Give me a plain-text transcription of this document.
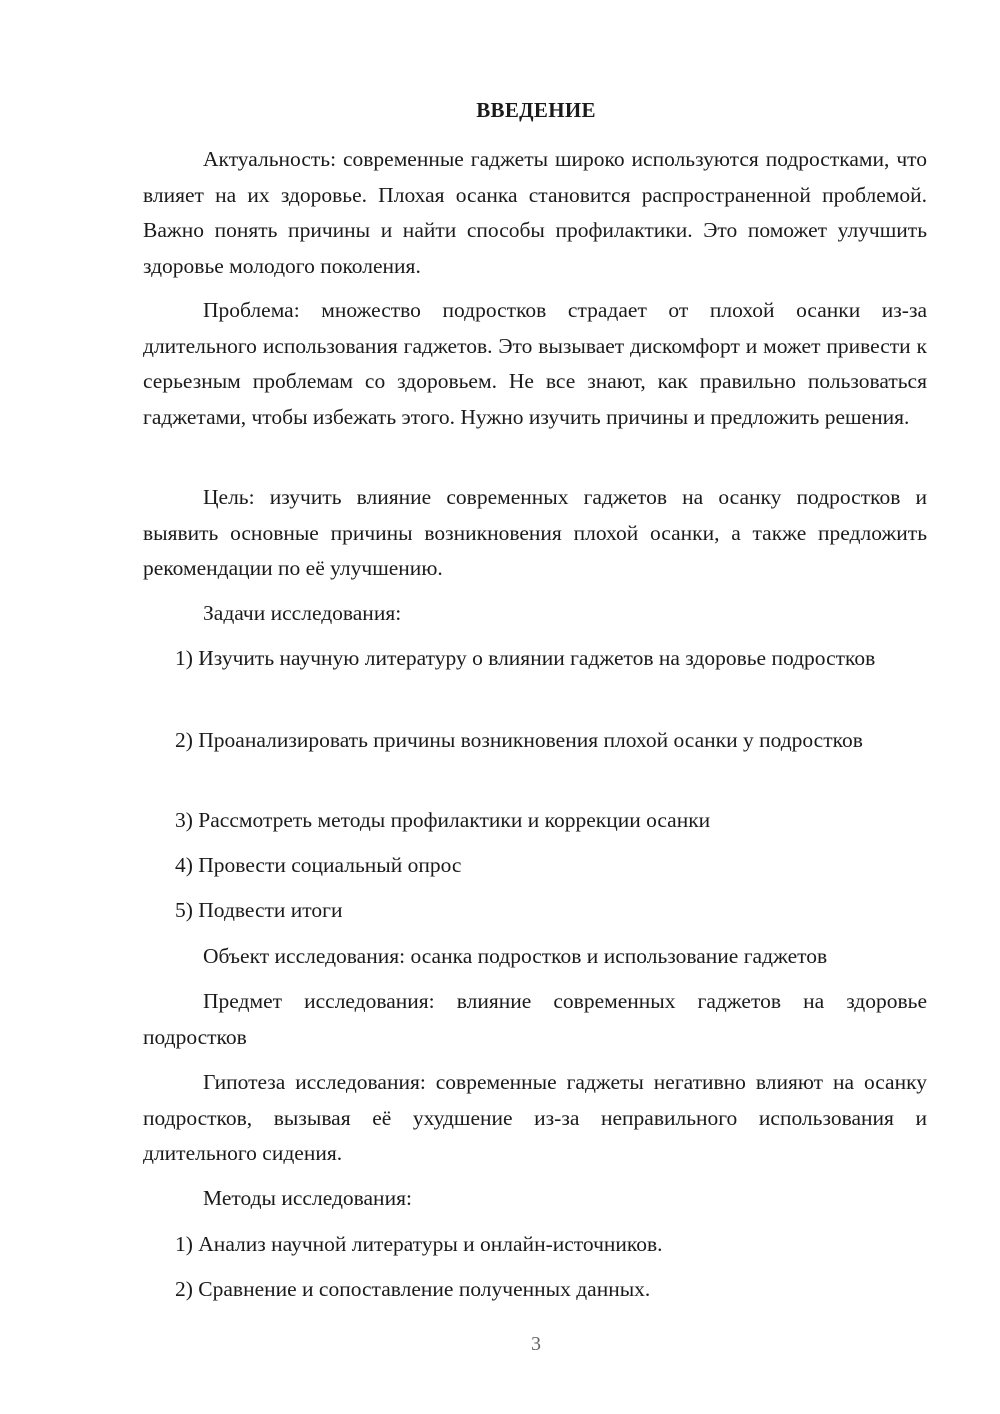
ВВЕДЕНИЕ
Актуальность: современные гаджеты широко используются подростками, что влияет на их здоровье. Плохая осанка становится распространенной проблемой. Важно понять причины и найти способы профилактики. Это поможет улучшить здоровье молодого поколения.
Проблема: множество подростков страдает от плохой осанки из-за длительного использования гаджетов. Это вызывает дискомфорт и может привести к серьезным проблемам со здоровьем. Не все знают, как правильно пользоваться гаджетами, чтобы избежать этого. Нужно изучить причины и предложить решения.
Цель: изучить влияние современных гаджетов на осанку подростков и выявить основные причины возникновения плохой осанки, а также предложить рекомендации по её улучшению.
Задачи исследования:
1) Изучить научную литературу о влиянии гаджетов на здоровье подростков
2) Проанализировать причины возникновения плохой осанки у подростков
3) Рассмотреть методы профилактики и коррекции осанки
4) Провести социальный опрос
5) Подвести итоги
Объект исследования: осанка подростков и использование гаджетов
Предмет исследования: влияние современных гаджетов на здоровье подростков
Гипотеза исследования: современные гаджеты негативно влияют на осанку подростков, вызывая её ухудшение из-за неправильного использования и длительного сидения.
Методы исследования:
1) Анализ научной литературы и онлайн-источников.
2) Сравнение и сопоставление полученных данных.
3
